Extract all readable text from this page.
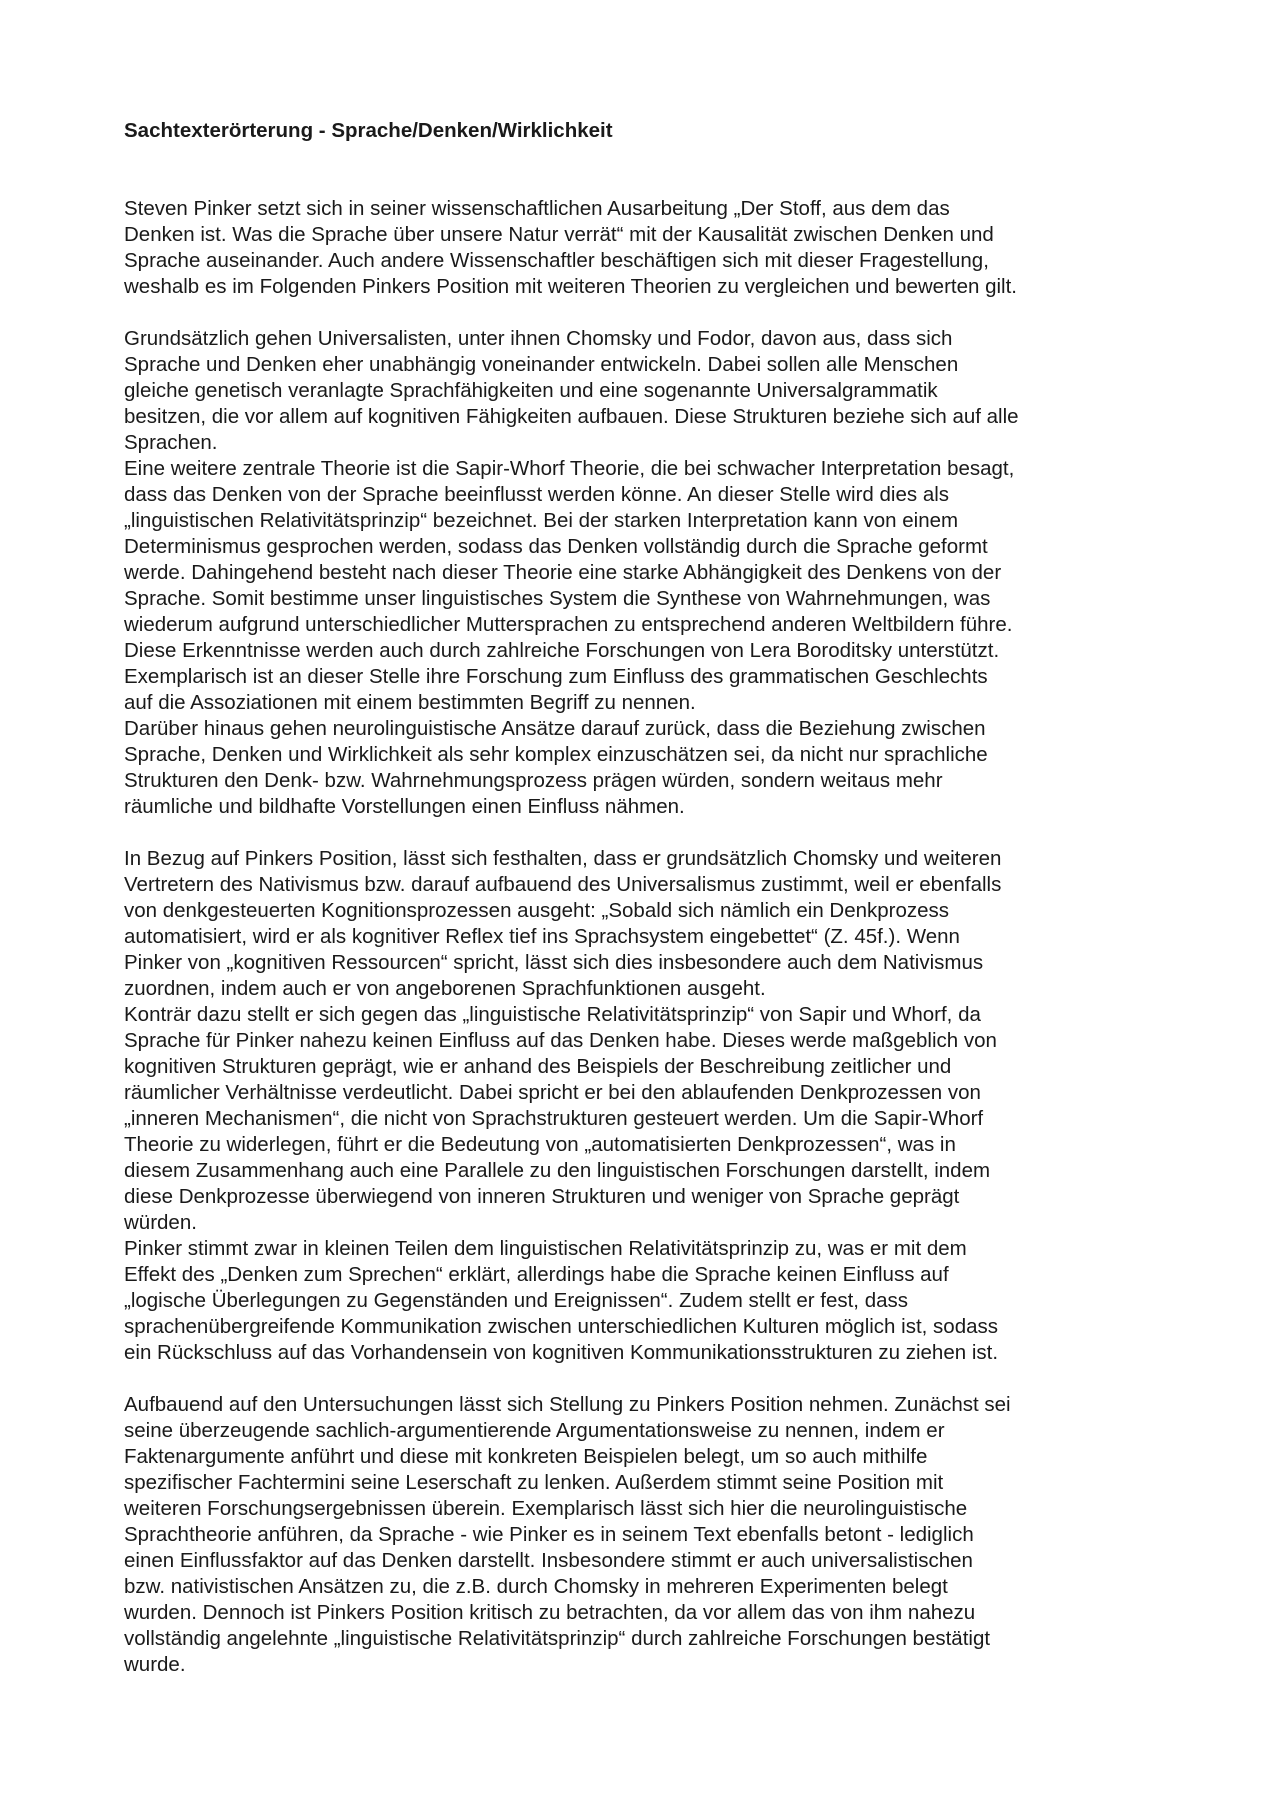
Sachtexterörterung - Sprache/Denken/Wirklichkeit

Steven Pinker setzt sich in seiner wissenschaftlichen Ausarbeitung „Der Stoff, aus dem das
Denken ist. Was die Sprache über unsere Natur verrät“ mit der Kausalität zwischen Denken und
Sprache auseinander. Auch andere Wissenschaftler beschäftigen sich mit dieser Fragestellung,
weshalb es im Folgenden Pinkers Position mit weiteren Theorien zu vergleichen und bewerten gilt.

Grundsätzlich gehen Universalisten, unter ihnen Chomsky und Fodor, davon aus, dass sich
Sprache und Denken eher unabhängig voneinander entwickeln. Dabei sollen alle Menschen
gleiche genetisch veranlagte Sprachfähigkeiten und eine sogenannte Universalgrammatik
besitzen, die vor allem auf kognitiven Fähigkeiten aufbauen. Diese Strukturen beziehe sich auf alle
Sprachen.

Eine weitere zentrale Theorie ist die Sapir-Whorf Theorie, die bei schwacher Interpretation besagt,
dass das Denken von der Sprache beeinflusst werden könne. An dieser Stelle wird dies als
„linguistischen Relativitätsprinzip“ bezeichnet. Bei der starken Interpretation kann von einem
Determinismus gesprochen werden, sodass das Denken vollständig durch die Sprache geformt
werde. Dahingehend besteht nach dieser Theorie eine starke Abhängigkeit des Denkens von der
Sprache. Somit bestimme unser linguistisches System die Synthese von Wahrnehmungen, was
wiederum aufgrund unterschiedlicher Muttersprachen zu entsprechend anderen Weltbildern führe.
Diese Erkenntnisse werden auch durch zahlreiche Forschungen von Lera Boroditsky unterstützt.
Exemplarisch ist an dieser Stelle ihre Forschung zum Einfluss des grammatischen Geschlechts
auf die Assoziationen mit einem bestimmten Begriff zu nennen.

Darüber hinaus gehen neurolinguistische Ansätze darauf zurück, dass die Beziehung zwischen
Sprache, Denken und Wirklichkeit als sehr komplex einzuschätzen sei, da nicht nur sprachliche
Strukturen den Denk- bzw. Wahrnehmungsprozess prägen würden, sondern weitaus mehr
räumliche und bildhafte Vorstellungen einen Einfluss nähmen.

In Bezug auf Pinkers Position, lässt sich festhalten, dass er grundsätzlich Chomsky und weiteren
Vertretern des Nativismus bzw. darauf aufbauend des Universalismus zustimmt, weil er ebenfalls
von denkgesteuerten Kognitionsprozessen ausgeht: „Sobald sich nämlich ein Denkprozess
automatisiert, wird er als kognitiver Reflex tief ins Sprachsystem eingebettet“ (Z. 45f.). Wenn
Pinker von „kognitiven Ressourcen“ spricht, lässt sich dies insbesondere auch dem Nativismus
zuordnen, indem auch er von angeborenen Sprachfunktionen ausgeht.

Konträr dazu stellt er sich gegen das „linguistische Relativitätsprinzip“ von Sapir und Whorf, da
Sprache für Pinker nahezu keinen Einfluss auf das Denken habe. Dieses werde maßgeblich von
kognitiven Strukturen geprägt, wie er anhand des Beispiels der Beschreibung zeitlicher und
räumlicher Verhältnisse verdeutlicht. Dabei spricht er bei den ablaufenden Denkprozessen von
„inneren Mechanismen“, die nicht von Sprachstrukturen gesteuert werden. Um die Sapir-Whorf
Theorie zu widerlegen, führt er die Bedeutung von „automatisierten Denkprozessen“, was in
diesem Zusammenhang auch eine Parallele zu den linguistischen Forschungen darstellt, indem
diese Denkprozesse überwiegend von inneren Strukturen und weniger von Sprache geprägt
würden.

Pinker stimmt zwar in kleinen Teilen dem linguistischen Relativitätsprinzip zu, was er mit dem
Effekt des „Denken zum Sprechen“ erklärt, allerdings habe die Sprache keinen Einfluss auf
„logische Überlegungen zu Gegenständen und Ereignissen“. Zudem stellt er fest, dass
sprachenübergreifende Kommunikation zwischen unterschiedlichen Kulturen möglich ist, sodass
ein Rückschluss auf das Vorhandensein von kognitiven Kommunikationsstrukturen zu ziehen ist.

Aufbauend auf den Untersuchungen lässt sich Stellung zu Pinkers Position nehmen. Zunächst sei
seine überzeugende sachlich-argumentierende Argumentationsweise zu nennen, indem er
Faktenargumente anführt und diese mit konkreten Beispielen belegt, um so auch mithilfe
spezifischer Fachtermini seine Leserschaft zu lenken. Außerdem stimmt seine Position mit
weiteren Forschungsergebnissen überein. Exemplarisch lässt sich hier die neurolinguistische
Sprachtheorie anführen, da Sprache - wie Pinker es in seinem Text ebenfalls betont - lediglich
einen Einflussfaktor auf das Denken darstellt. Insbesondere stimmt er auch universalistischen
bzw. nativistischen Ansätzen zu, die z.B. durch Chomsky in mehreren Experimenten belegt
wurden. Dennoch ist Pinkers Position kritisch zu betrachten, da vor allem das von ihm nahezu
vollständig angelehnte „linguistische Relativitätsprinzip“ durch zahlreiche Forschungen bestätigt
wurde.
